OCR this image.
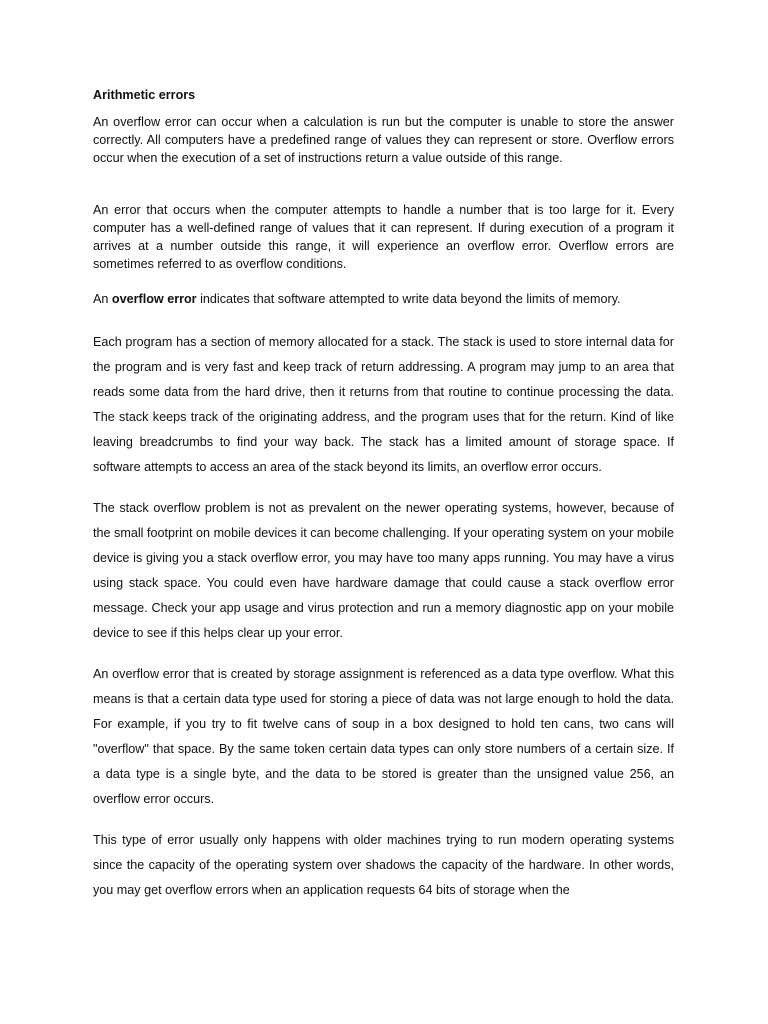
Arithmetic errors

An overflow error can occur when a calculation is run but the computer is unable to store the answer correctly. All computers have a predefined range of values they can represent or store. Overflow errors occur when the execution of a set of instructions return a value outside of this range.

An error that occurs when the computer attempts to handle a number that is too large for it. Every computer has a well-defined range of values that it can represent. If during execution of a program it arrives at a number outside this range, it will experience an overflow error. Overflow errors are sometimes referred to as overflow conditions.

An overflow error indicates that software attempted to write data beyond the limits of memory.

Each program has a section of memory allocated for a stack. The stack is used to store internal data for the program and is very fast and keep track of return addressing. A program may jump to an area that reads some data from the hard drive, then it returns from that routine to continue processing the data. The stack keeps track of the originating address, and the program uses that for the return. Kind of like leaving breadcrumbs to find your way back. The stack has a limited amount of storage space. If software attempts to access an area of the stack beyond its limits, an overflow error occurs.

The stack overflow problem is not as prevalent on the newer operating systems, however, because of the small footprint on mobile devices it can become challenging. If your operating system on your mobile device is giving you a stack overflow error, you may have too many apps running. You may have a virus using stack space. You could even have hardware damage that could cause a stack overflow error message. Check your app usage and virus protection and run a memory diagnostic app on your mobile device to see if this helps clear up your error.

An overflow error that is created by storage assignment is referenced as a data type overflow. What this means is that a certain data type used for storing a piece of data was not large enough to hold the data. For example, if you try to fit twelve cans of soup in a box designed to hold ten cans, two cans will "overflow" that space. By the same token certain data types can only store numbers of a certain size. If a data type is a single byte, and the data to be stored is greater than the unsigned value 256, an overflow error occurs.

This type of error usually only happens with older machines trying to run modern operating systems since the capacity of the operating system over shadows the capacity of the hardware. In other words, you may get overflow errors when an application requests 64 bits of storage when the
